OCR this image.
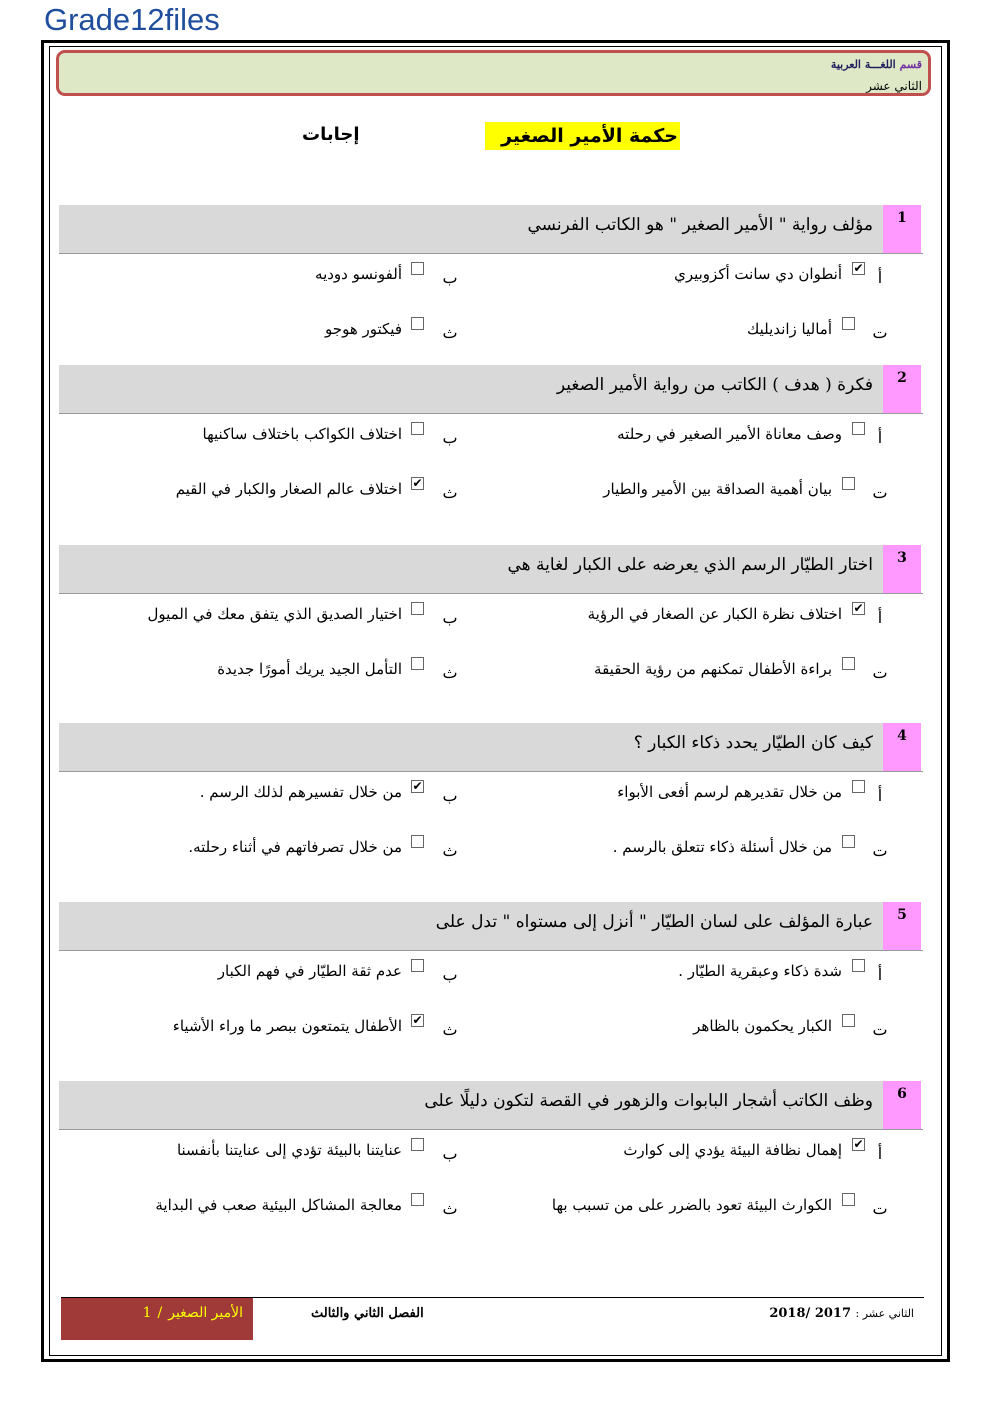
Grade12files
قسم اللغـــة العربية
الثاني عشر
حكمة الأمير الصغير
إجابات
1
مؤلف رواية " الأمير الصغير " هو الكاتب الفرنسي
أ
✔
أنطوان دي سانت أكزوبيري
ب
ألفونسو دوديه
ت
أماليا زانديليك
ث
فيكتور هوجو
2
فكرة ( هدف ) الكاتب من رواية الأمير الصغير
أ
وصف معاناة الأمير الصغير في رحلته
ب
اختلاف الكواكب باختلاف ساكنيها
ت
بيان أهمية الصداقة بين الأمير والطيار
ث
✔
اختلاف عالم الصغار والكبار في القيم
3
اختار الطيّار الرسم الذي يعرضه على الكبار لغاية هي
أ
✔
اختلاف نظرة الكبار عن الصغار في الرؤية
ب
اختيار الصديق الذي يتفق معك في الميول
ت
براءة الأطفال تمكنهم من رؤية الحقيقة
ث
التأمل الجيد يريك أمورًا جديدة
4
كيف كان الطيّار يحدد ذكاء الكبار ؟
أ
من خلال تقديرهم لرسم أفعى الأبواء
ب
✔
من خلال تفسيرهم لذلك الرسم .
ت
من خلال أسئلة ذكاء تتعلق بالرسم .
ث
من خلال تصرفاتهم في أثناء رحلته.
5
عبارة المؤلف على لسان الطيّار " أنزل إلى مستواه " تدل على
أ
شدة ذكاء وعبقرية الطيّار .
ب
عدم ثقة الطيّار في فهم الكبار
ت
الكبار يحكمون بالظاهر
ث
✔
الأطفال يتمتعون ببصر ما وراء الأشياء
6
وظف الكاتب أشجار البابوات والزهور في القصة لتكون دليلًا على
أ
✔
إهمال نظافة البيئة يؤدي إلى كوارث
ب
عنايتنا بالبيئة تؤدي إلى عنايتنا بأنفسنا
ت
الكوارث البيئة تعود بالضرر على من تسبب بها
ث
معالجة المشاكل البيئية صعب في البداية
الأمير الصغير/1	الفصل الثاني والثالث	الثاني عشر : 2017 /2018
